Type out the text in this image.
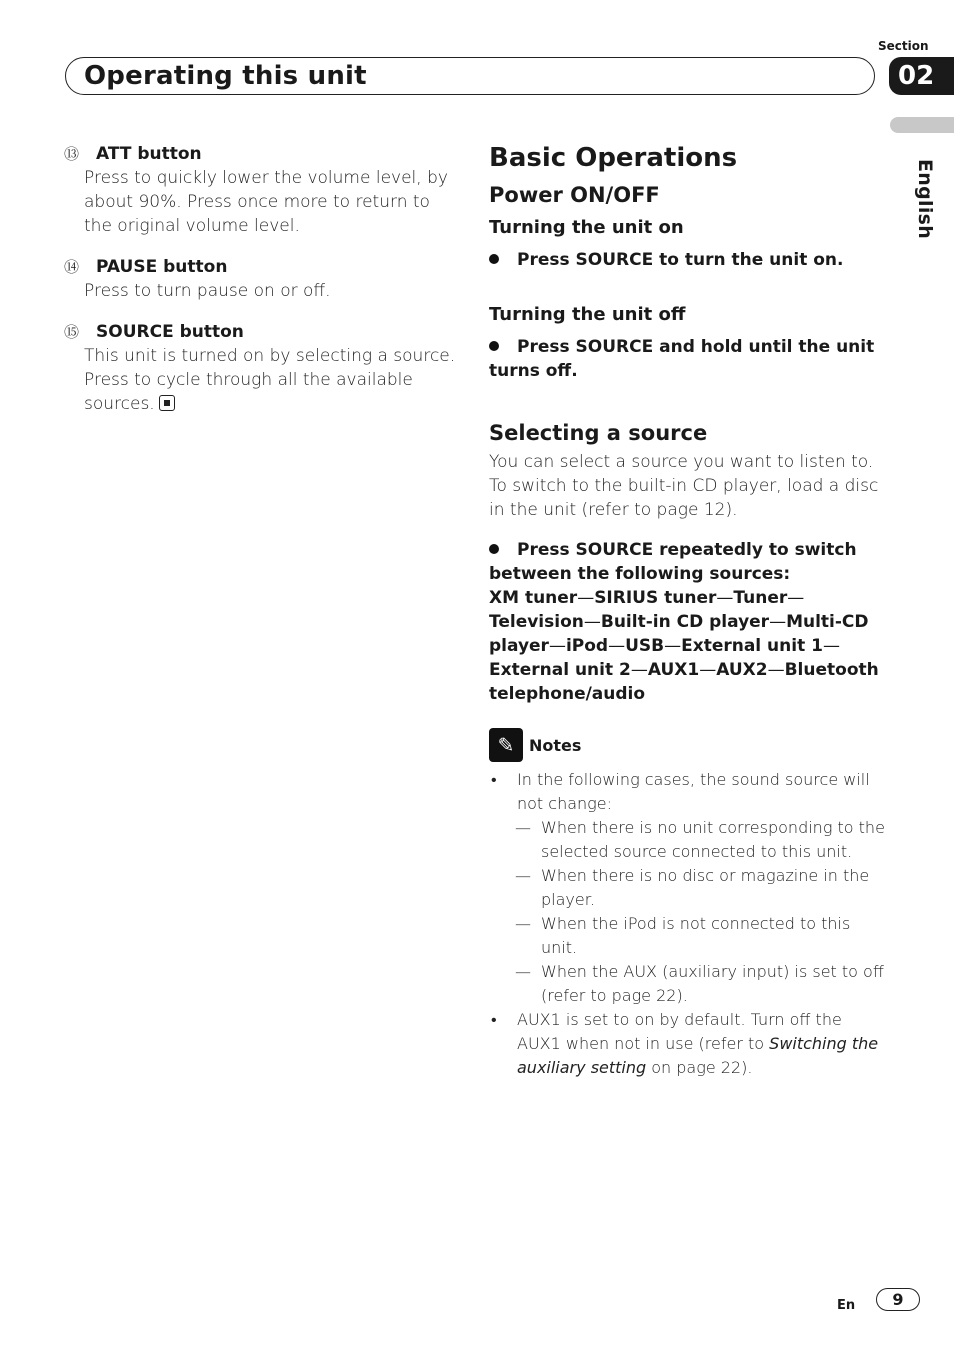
Section
Operating this unit	02
English
⑬ ATT button
Press to quickly lower the volume level, by about 90%. Press once more to return to the original volume level.
⑭ PAUSE button
Press to turn pause on or off.
⑮ SOURCE button
This unit is turned on by selecting a source. Press to cycle through all the available sources.
Basic Operations
Power ON/OFF
Turning the unit on
Press SOURCE to turn the unit on.
Turning the unit off
Press SOURCE and hold until the unit turns off.
Selecting a source
You can select a source you want to listen to. To switch to the built-in CD player, load a disc in the unit (refer to page 12).
Press SOURCE repeatedly to switch between the following sources:
XM tuner—SIRIUS tuner—Tuner—Television—Built-in CD player—Multi-CD player—iPod—USB—External unit 1—External unit 2—AUX1—AUX2—Bluetooth telephone/audio
✎ Notes
•	In the following cases, the sound source will not change:
— When there is no unit corresponding to the selected source connected to this unit.
— When there is no disc or magazine in the player.
— When the iPod is not connected to this unit.
— When the AUX (auxiliary input) is set to off (refer to page 22).
•	AUX1 is set to on by default. Turn off the AUX1 when not in use (refer to Switching the auxiliary setting on page 22).
En	9
